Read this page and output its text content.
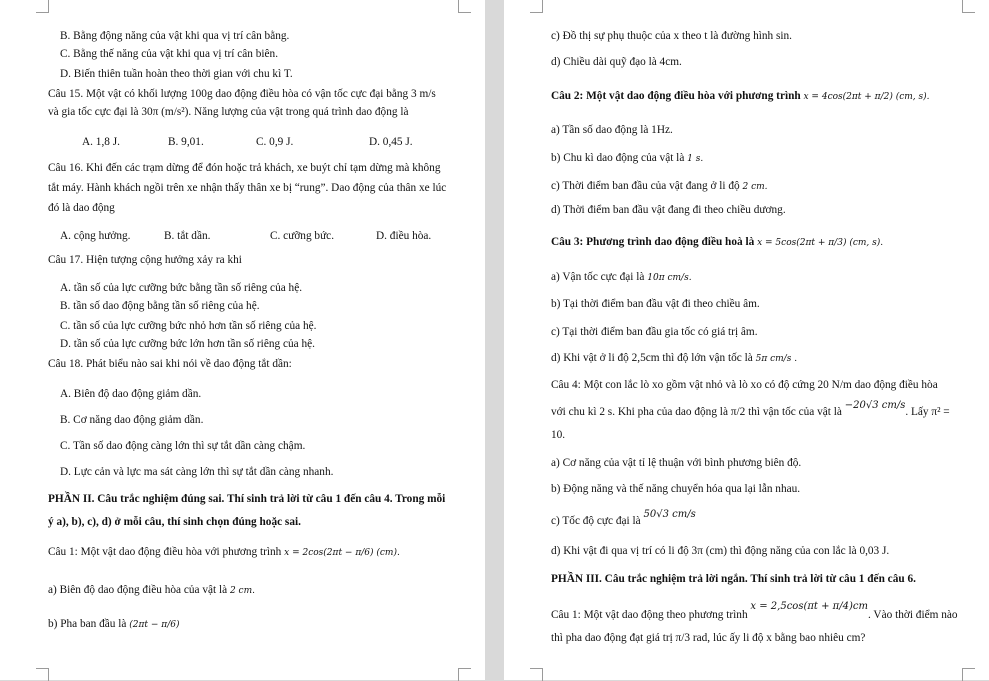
B. Bằng động năng của vật khi qua vị trí cân bằng.
C. Bằng thế năng của vật khi qua vị trí cân biên.
D. Biến thiên tuần hoàn theo thời gian với chu kì T.
Câu 15. Một vật có khối lượng 100g dao động điều hòa có vận tốc cực đại bằng 3 m/s
và gia tốc cực đại là 30π (m/s²). Năng lượng của vật trong quá trình dao động là
A. 1,8 J.	B. 9,01.	C. 0,9 J.	D. 0,45 J.
Câu 16. Khi đến các trạm dừng để đón hoặc trả khách, xe buýt chỉ tạm dừng mà không
tắt máy. Hành khách ngồi trên xe nhận thấy thân xe bị “rung”. Dao động của thân xe lúc
đó là dao động
A. cộng hưởng.	B. tắt dần.	C. cưỡng bức.	D. điều hòa.
Câu 17. Hiện tượng cộng hưởng xảy ra khi
A. tần số của lực cưỡng bức bằng tần số riêng của hệ.
B. tần số dao động bằng tần số riêng của hệ.
C. tần số của lực cưỡng bức nhỏ hơn tần số riêng của hệ.
D. tần số của lực cưỡng bức lớn hơn tần số riêng của hệ.
Câu 18. Phát biểu nào sai khi nói về dao động tắt dần:
A. Biên độ dao động giảm dần.
B. Cơ năng dao động giảm dần.
C. Tần số dao động càng lớn thì sự tắt dần càng chậm.
D. Lực cản và lực ma sát càng lớn thì sự tắt dần càng nhanh.
PHẦN II. Câu trắc nghiệm đúng sai. Thí sinh trả lời từ câu 1 đến câu 4. Trong mỗi
ý a), b), c), d) ở mỗi câu, thí sinh chọn đúng hoặc sai.
Câu 1: Một vật dao động điều hòa với phương trình x = 2cos(2πt − π/6) (cm).
a) Biên độ dao động điều hòa của vật là 2 cm.
b) Pha ban đầu là (2πt − π/6)
c) Đồ thị sự phụ thuộc của x theo t là đường hình sin.
d) Chiều dài quỹ đạo là 4cm.
Câu 2: Một vật dao động điều hòa với phương trình x = 4cos(2πt + π/2) (cm, s).
a) Tần số dao động là 1Hz.
b) Chu kì dao động của vật là 1 s.
c) Thời điểm ban đầu của vật đang ở li độ 2 cm.
d) Thời điểm ban đầu vật đang đi theo chiều dương.
Câu 3: Phương trình dao động điều hoà là x = 5cos(2πt + π/3) (cm, s).
a) Vận tốc cực đại là 10π cm/s.
b) Tại thời điểm ban đầu vật đi theo chiều âm.
c) Tại thời điểm ban đầu gia tốc có giá trị âm.
d) Khi vật ở li độ 2,5cm thì độ lớn vận tốc là 5π cm/s .
Câu 4: Một con lắc lò xo gồm vật nhỏ và lò xo có độ cứng 20 N/m dao động điều hòa
với chu kì 2 s. Khi pha của dao động là π/2 thì vận tốc của vật là −20√3 cm/s. Lấy π² =
10.
a) Cơ năng của vật tỉ lệ thuận với bình phương biên độ.
b) Động năng và thế năng chuyển hóa qua lại lẫn nhau.
c) Tốc độ cực đại là 50√3 cm/s
d) Khi vật đi qua vị trí có li độ 3π (cm) thì động năng của con lắc là 0,03 J.
PHẦN III. Câu trắc nghiệm trả lời ngắn. Thí sinh trả lời từ câu 1 đến câu 6.
Câu 1: Một vật dao động theo phương trình x = 2,5cos(πt + π/4)cm. Vào thời điểm nào
thì pha dao động đạt giá trị π/3 rad, lúc ấy li độ x bằng bao nhiêu cm?
